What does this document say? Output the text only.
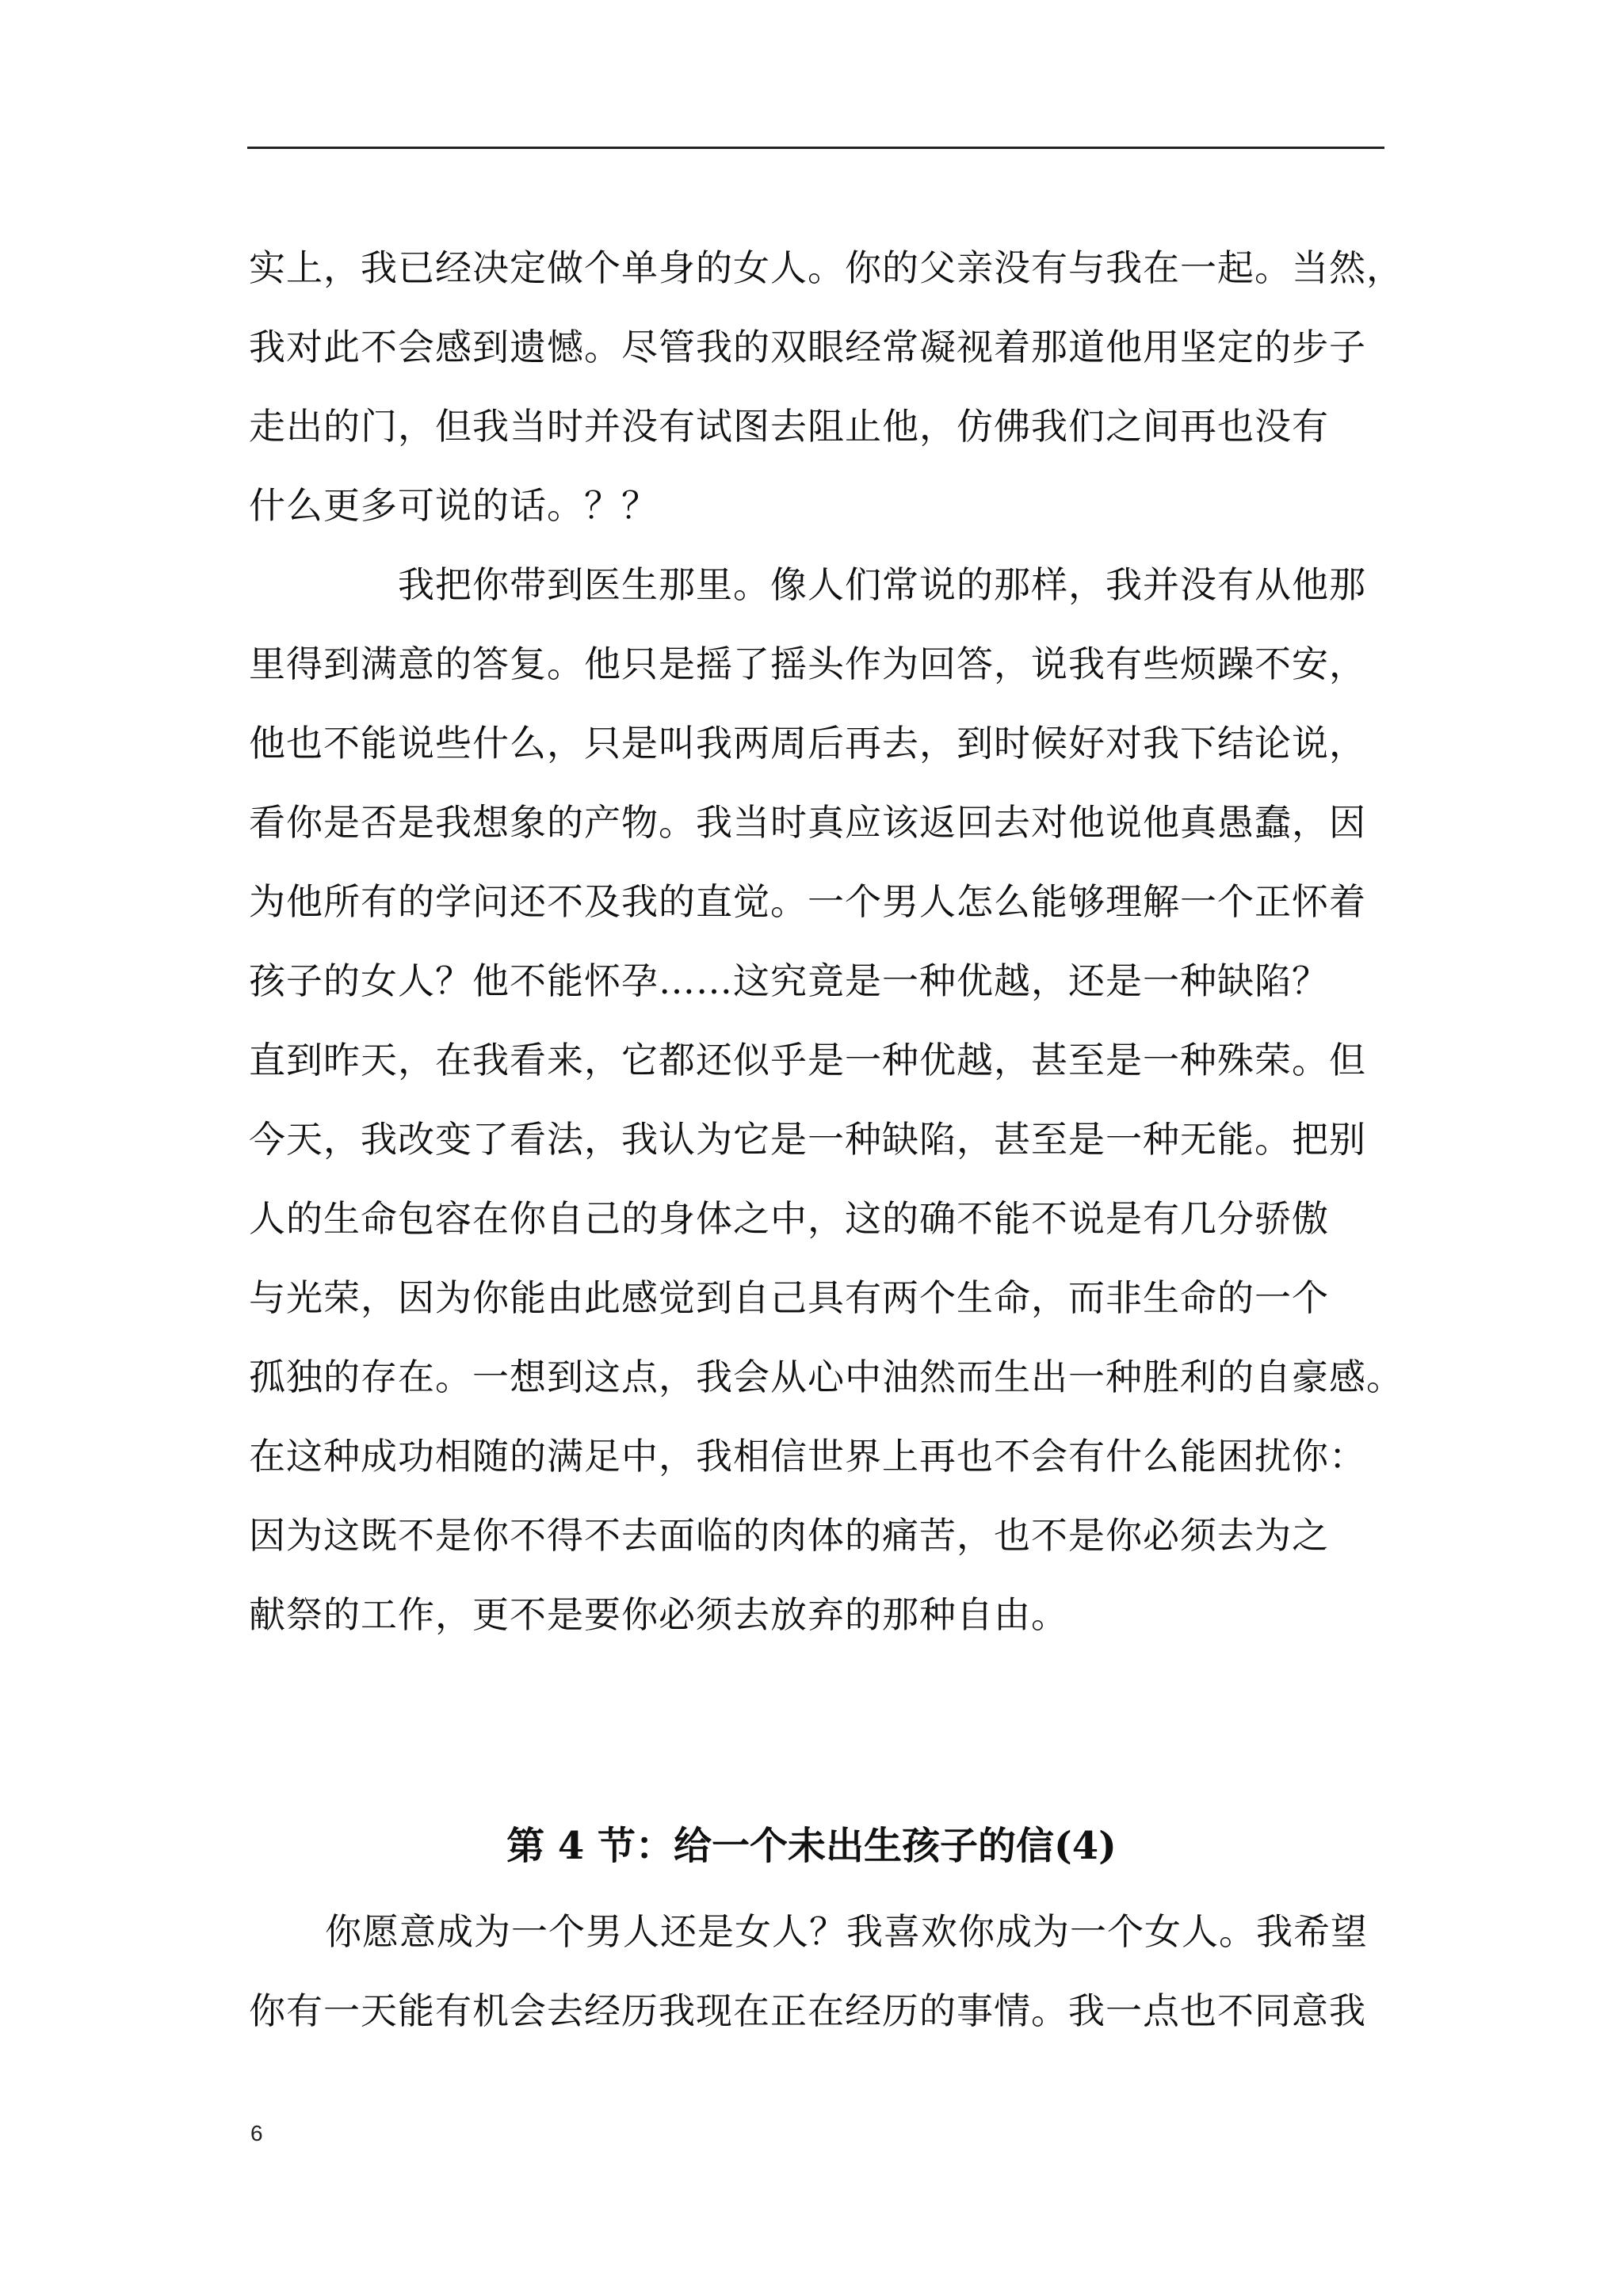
实上，我已经决定做个单身的女人。你的父亲没有与我在一起。当然，
我对此不会感到遗憾。尽管我的双眼经常凝视着那道他用坚定的步子
走出的门，但我当时并没有试图去阻止他，仿佛我们之间再也没有
什么更多可说的话。？？
我把你带到医生那里。像人们常说的那样，我并没有从他那
里得到满意的答复。他只是摇了摇头作为回答，说我有些烦躁不安，
他也不能说些什么，只是叫我两周后再去，到时候好对我下结论说，
看你是否是我想象的产物。我当时真应该返回去对他说他真愚蠢，因
为他所有的学问还不及我的直觉。一个男人怎么能够理解一个正怀着
孩子的女人？他不能怀孕……这究竟是一种优越，还是一种缺陷？
直到昨天，在我看来，它都还似乎是一种优越，甚至是一种殊荣。但
今天，我改变了看法，我认为它是一种缺陷，甚至是一种无能。把别
人的生命包容在你自己的身体之中，这的确不能不说是有几分骄傲
与光荣，因为你能由此感觉到自己具有两个生命，而非生命的一个
孤独的存在。一想到这点，我会从心中油然而生出一种胜利的自豪感。
在这种成功相随的满足中，我相信世界上再也不会有什么能困扰你：
因为这既不是你不得不去面临的肉体的痛苦，也不是你必须去为之
献祭的工作，更不是要你必须去放弃的那种自由。
第 4 节：给一个未出生孩子的信(4)
你愿意成为一个男人还是女人？我喜欢你成为一个女人。我希望
你有一天能有机会去经历我现在正在经历的事情。我一点也不同意我
6
